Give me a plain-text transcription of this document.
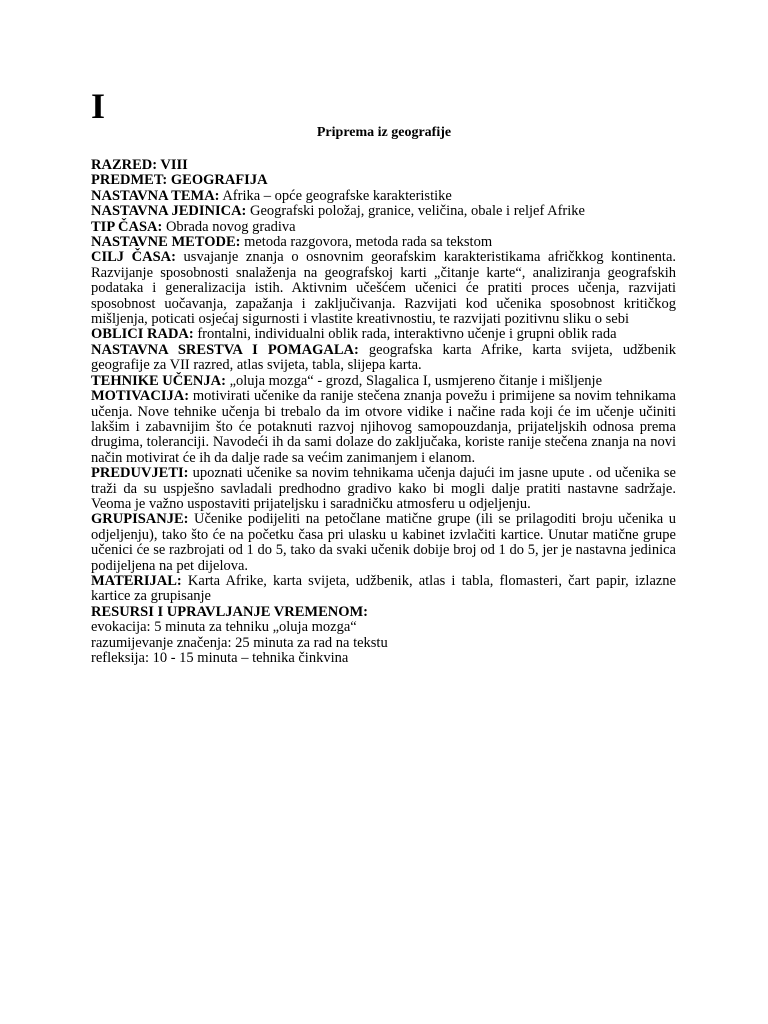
I
Priprema iz geografije

RAZRED: VIII

PREDMET: GEOGRAFIJA

NASTAVNA TEMA: Afrika – opće geografske karakteristike

NASTAVNA JEDINICA: Geografski položaj, granice, veličina, obale i reljef Afrike

TIP ČASA: Obrada novog gradiva

NASTAVNE METODE: metoda razgovora, metoda rada sa tekstom

CILJ ČASA: usvajanje znanja o osnovnim georafskim karakteristikama afričkkog kontinenta. Razvijanje sposobnosti snalaženja na geografskoj karti „čitanje karte“, analiziranja geografskih podataka i generalizacija istih. Aktivnim učešćem učenici će pratiti proces učenja, razvijati sposobnost uočavanja, zapažanja i zaključivanja. Razvijati kod učenika sposobnost kritičkog mišljenja, poticati osjećaj sigurnosti i vlastite kreativnostiu, te razvijati pozitivnu sliku o sebi

OBLICI RADA: frontalni, individualni oblik rada, interaktivno učenje i grupni oblik rada

NASTAVNA SRESTVA I POMAGALA: geografska karta Afrike, karta svijeta, udžbenik geografije za VII razred, atlas svijeta, tabla, slijepa karta.

TEHNIKE UČENJA: „oluja mozga“ - grozd, Slagalica I, usmjereno čitanje i mišljenje

MOTIVACIJA: motivirati učenike da ranije stečena znanja povežu i primijene sa novim tehnikama učenja. Nove tehnike učenja bi trebalo da im otvore vidike i načine rada koji će im učenje učiniti lakšim i zabavnijim što će potaknuti razvoj njihovog samopouzdanja, prijateljskih odnosa prema drugima, toleranciji. Navodeći ih da sami dolaze do zaključaka, koriste ranije stečena znanja na novi način motivirat će ih da dalje rade sa većim zanimanjem i elanom.

PREDUVJETI: upoznati učenike sa novim tehnikama učenja dajući im jasne upute . od učenika se traži da su uspješno savladali predhodno gradivo kako bi mogli dalje pratiti nastavne sadržaje. Veoma je važno uspostaviti prijateljsku i saradničku atmosferu u odjeljenju.

GRUPISANJE: Učenike podijeliti na petočlane matične grupe (ili se prilagoditi broju učenika u odjeljenju), tako što će na početku časa pri ulasku u kabinet izvlačiti kartice. Unutar matične grupe učenici će se razbrojati od 1 do 5, tako da svaki učenik dobije broj od 1 do 5, jer je nastavna jedinica podijeljena na pet dijelova.

MATERIJAL: Karta Afrike, karta svijeta, udžbenik, atlas i tabla, flomasteri, čart papir, izlazne kartice za grupisanje

RESURSI I UPRAVLJANJE VREMENOM:

evokacija: 5 minuta za tehniku „oluja mozga“

razumijevanje značenja: 25 minuta za rad na tekstu

refleksija: 10 - 15 minuta – tehnika činkvina
